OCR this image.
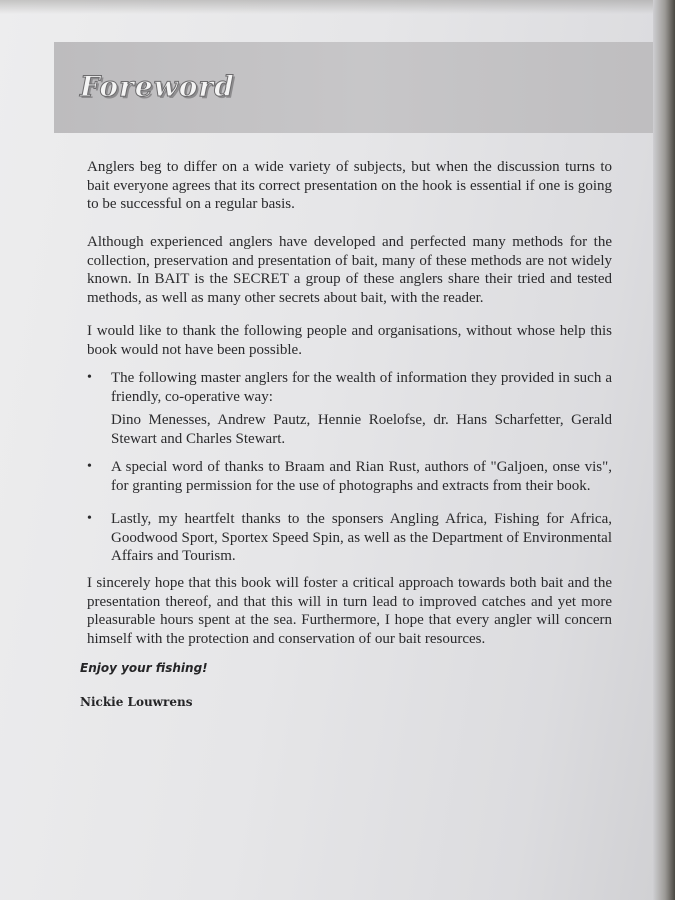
Foreword

Anglers beg to differ on a wide variety of subjects, but when the discussion turns to bait everyone agrees that its correct presentation on the hook is essential if one is going to be successful on a regular basis.

Although experienced anglers have developed and perfected many methods for the collection, preservation and presentation of bait, many of these methods are not widely known. In BAIT is the SECRET a group of these anglers share their tried and tested methods, as well as many other secrets about bait, with the reader.

I would like to thank the following people and organisations, without whose help this book would not have been possible.

•	The following master anglers for the wealth of information they provided in such a friendly, co-operative way:
Dino Menesses, Andrew Pautz, Hennie Roelofse, dr. Hans Scharfetter, Gerald Stewart and Charles Stewart.
•	A special word of thanks to Braam and Rian Rust, authors of "Galjoen, onse vis", for granting permission for the use of photographs and extracts from their book.
•	Lastly, my heartfelt thanks to the sponsers Angling Africa, Fishing for Africa, Goodwood Sport, Sportex Speed Spin, as well as the Department of Environmental Affairs and Tourism.

I sincerely hope that this book will foster a critical approach towards both bait and the presentation thereof, and that this will in turn lead to improved catches and yet more pleasurable hours spent at the sea. Furthermore, I hope that every angler will concern himself with the protection and conservation of our bait resources.

Enjoy your fishing!
Nickie Louwrens
